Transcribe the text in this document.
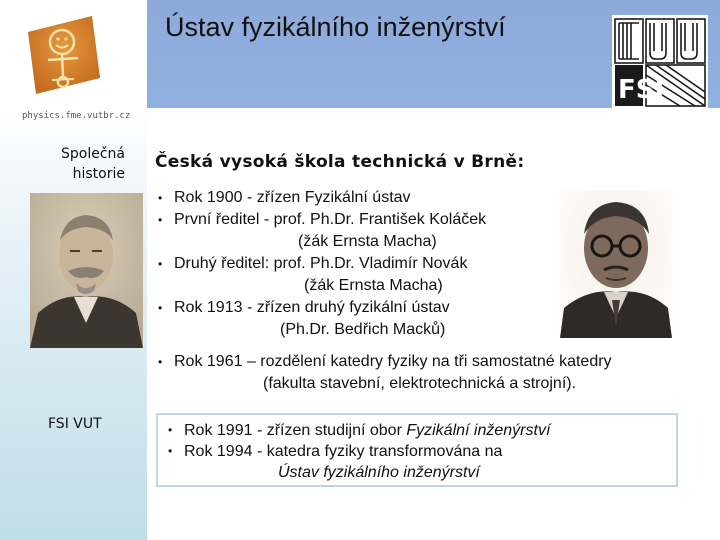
physics.fme.vutbr.cz
Ústav fyzikálního inženýrství
FSI
Společná
historie
FSI VUT
Česká vysoká škola technická v Brně:
• Rok 1900 - zřízen Fyzikální ústav
• První ředitel - prof. Ph.Dr. František Koláček
(žák Ernsta Macha)
• Druhý ředitel: prof. Ph.Dr. Vladimír Novák
(žák Ernsta Macha)
• Rok 1913 - zřízen druhý fyzikální ústav
(Ph.Dr. Bedřich Macků)
• Rok 1961 – rozdělení katedry fyziky na tři samostatné katedry
(fakulta stavební, elektrotechnická a strojní).
• Rok 1991 - zřízen studijní obor Fyzikální inženýrství
• Rok 1994 - katedra fyziky transformována na
Ústav fyzikálního inženýrství
